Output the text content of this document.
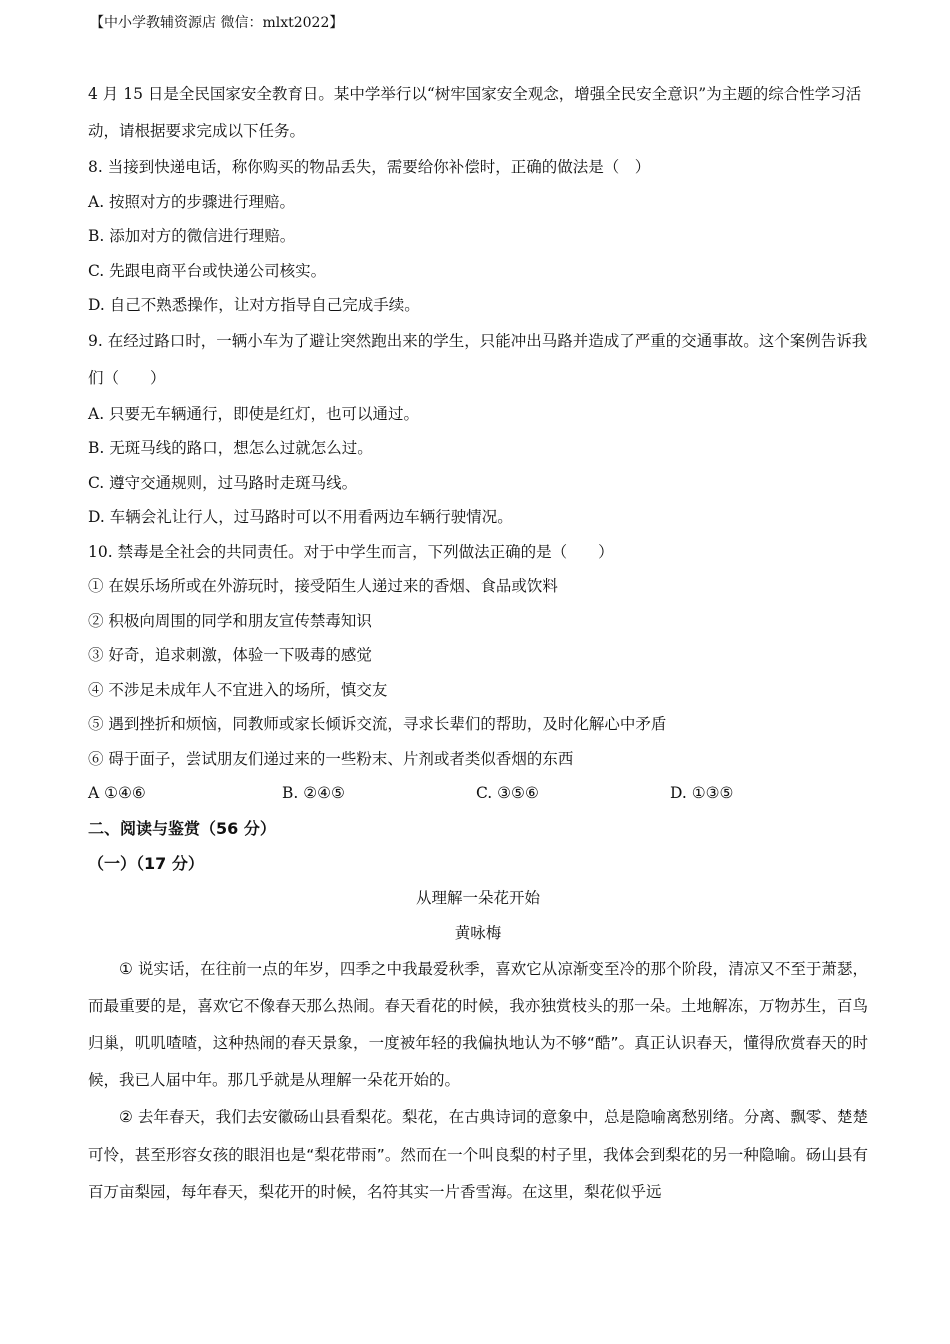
【中小学教辅资源店 微信：mlxt2022】
4 月 15 日是全民国家安全教育日。某中学举行以“树牢国家安全观念，增强全民安全意识”为主题的综合性学习活动，请根据要求完成以下任务。
8. 当接到快递电话，称你购买的物品丢失，需要给你补偿时，正确的做法是（　）
A. 按照对方的步骤进行理赔。
B. 添加对方的微信进行理赔。
C. 先跟电商平台或快递公司核实。
D. 自己不熟悉操作，让对方指导自己完成手续。
9. 在经过路口时，一辆小车为了避让突然跑出来的学生，只能冲出马路并造成了严重的交通事故。这个案例告诉我们（　　）
A. 只要无车辆通行，即使是红灯，也可以通过。
B. 无斑马线的路口，想怎么过就怎么过。
C. 遵守交通规则，过马路时走斑马线。
D. 车辆会礼让行人，过马路时可以不用看两边车辆行驶情况。
10. 禁毒是全社会的共同责任。对于中学生而言，下列做法正确的是（　　）
① 在娱乐场所或在外游玩时，接受陌生人递过来的香烟、食品或饮料
② 积极向周围的同学和朋友宣传禁毒知识
③ 好奇，追求刺激，体验一下吸毒的感觉
④ 不涉足未成年人不宜进入的场所，慎交友
⑤ 遇到挫折和烦恼，同教师或家长倾诉交流，寻求长辈们的帮助，及时化解心中矛盾
⑥ 碍于面子，尝试朋友们递过来的一些粉末、片剂或者类似香烟的东西
A ①④⑥	B. ②④⑤	C. ③⑤⑥	D. ①③⑤
二、阅读与鉴赏（56 分）
（一）（17 分）
从理解一朵花开始
黄咏梅
① 说实话，在往前一点的年岁，四季之中我最爱秋季，喜欢它从凉渐变至冷的那个阶段，清凉又不至于萧瑟，而最重要的是，喜欢它不像春天那么热闹。春天看花的时候，我亦独赏枝头的那一朵。土地解冻，万物苏生，百鸟归巢，叽叽喳喳，这种热闹的春天景象，一度被年轻的我偏执地认为不够“酷”。真正认识春天，懂得欣赏春天的时候，我已人届中年。那几乎就是从理解一朵花开始的。
② 去年春天，我们去安徽砀山县看梨花。梨花，在古典诗词的意象中，总是隐喻离愁别绪。分离、飘零、楚楚可怜，甚至形容女孩的眼泪也是“梨花带雨”。然而在一个叫良梨的村子里，我体会到梨花的另一种隐喻。砀山县有百万亩梨园，每年春天，梨花开的时候，名符其实一片香雪海。在这里，梨花似乎远
